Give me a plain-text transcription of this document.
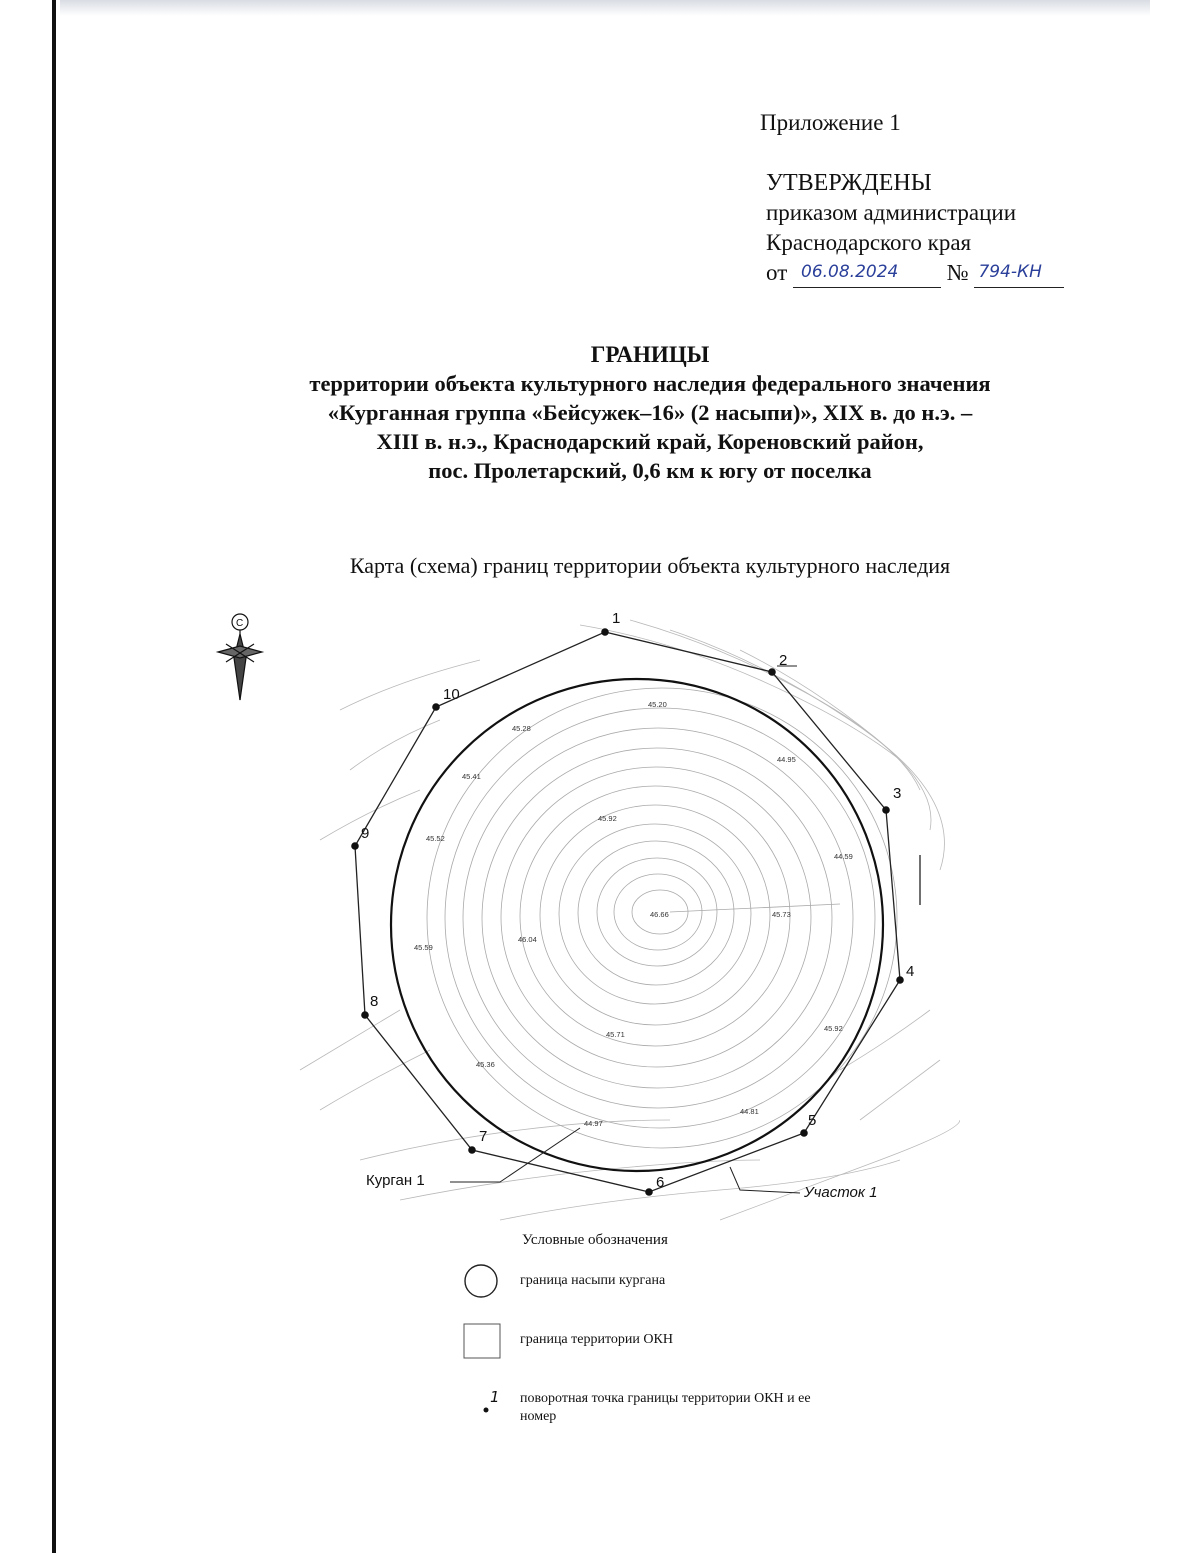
Приложение 1
УТВЕРЖДЕНЫ
приказом администрации
Краснодарского края
от 06.08.2024 № 794-КН
ГРАНИЦЫ
территории объекта культурного наследия федерального значения
«Курганная группа «Бейсужек–16» (2 насыпи)», XIX в. до н.э. –
XIII в. н.э., Краснодарский край, Кореновский район,
пос. Пролетарский, 0,6 км к югу от поселка
Карта (схема) границ территории объекта культурного наследия
C	1
2
3
4
5
6
7
8
9
10
45.20
45.28
44.95
45.41
45.92
45.52
44.59
46.66	45.73
46.04
45.59
45.92
45.71
45.36
44.81
44.97
Курган 1
Участок 1
Условные обозначения
граница насыпи кургана
граница территории ОКН
1 поворотная точка границы территории ОКН и ее номер
